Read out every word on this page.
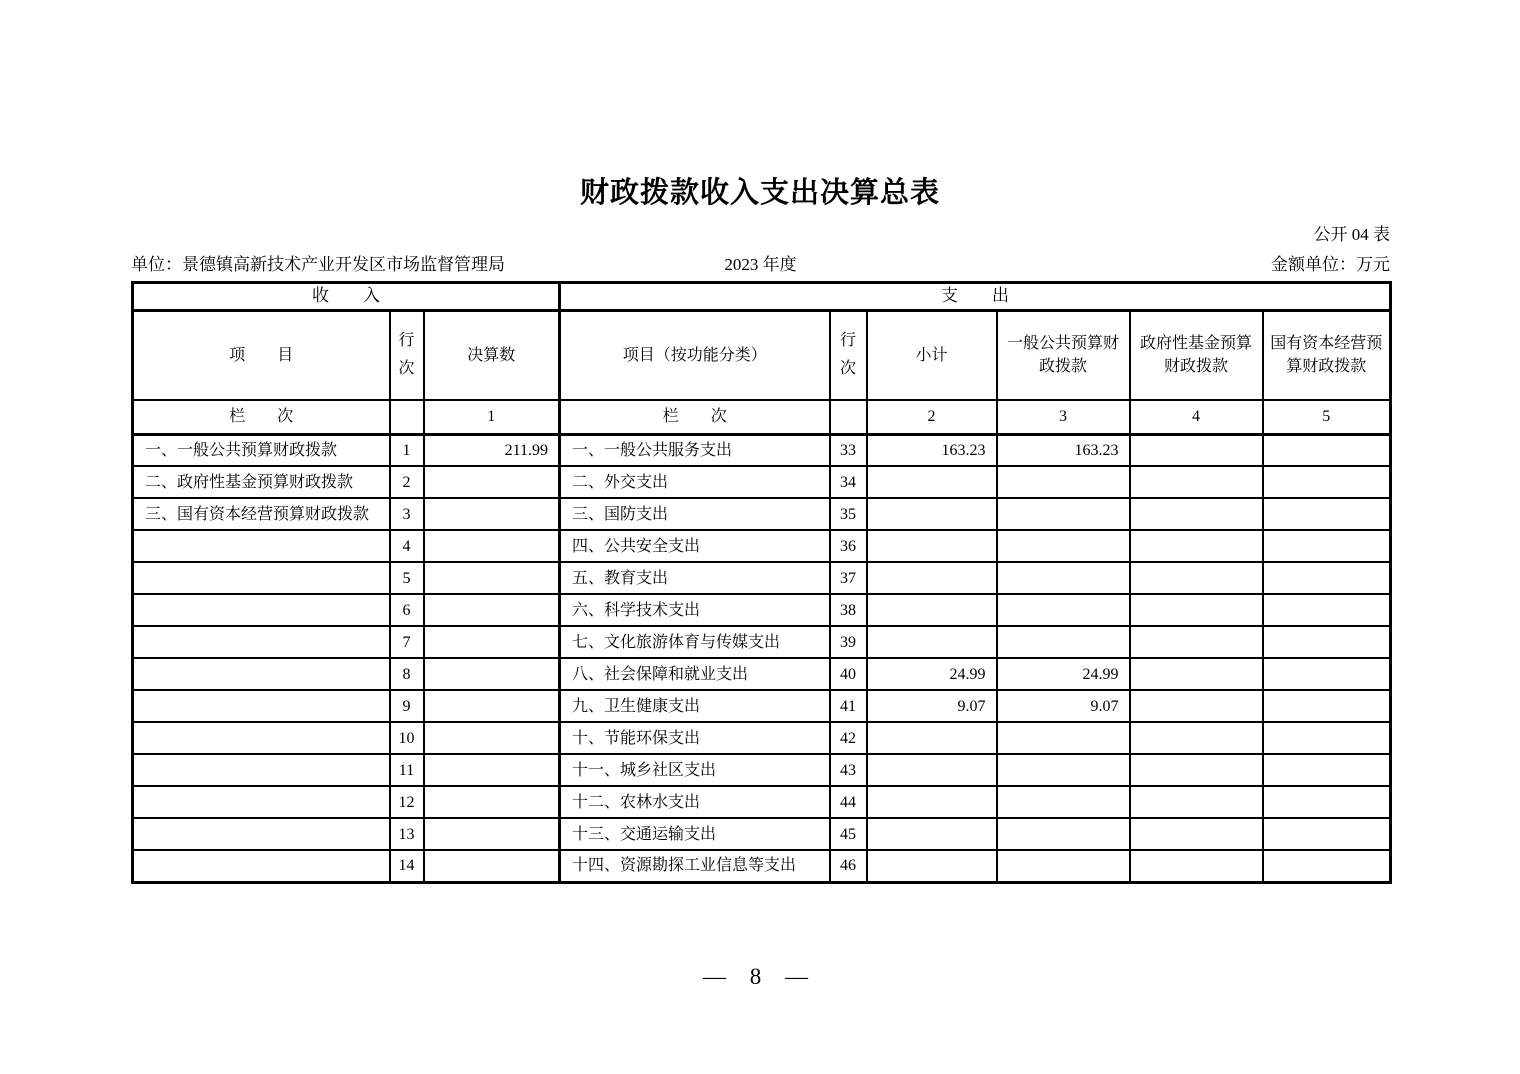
财政拨款收入支出决算总表
公开 04 表
单位：景德镇高新技术产业开发区市场监督管理局	2023 年度	金额单位：万元
收　　入			支　　出					
项　　目	行次	决算数	项目（按功能分类）	行次	小计	一般公共预算财政拨款	政府性基金预算财政拨款	国有资本经营预算财政拨款
栏　　次		1	栏　　次		2	3	4	5
一、一般公共预算财政拨款	1	211.99	一、一般公共服务支出	33	163.23	163.23		
二、政府性基金预算财政拨款	2		二、外交支出	34				
三、国有资本经营预算财政拨款	3		三、国防支出	35				
	4		四、公共安全支出	36				
	5		五、教育支出	37				
	6		六、科学技术支出	38				
	7		七、文化旅游体育与传媒支出	39				
	8		八、社会保障和就业支出	40	24.99	24.99		
	9		九、卫生健康支出	41	9.07	9.07		
	10		十、节能环保支出	42				
	11		十一、城乡社区支出	43				
	12		十二、农林水支出	44				
	13		十三、交通运输支出	45				
	14		十四、资源勘探工业信息等支出	46				
— 8 —
